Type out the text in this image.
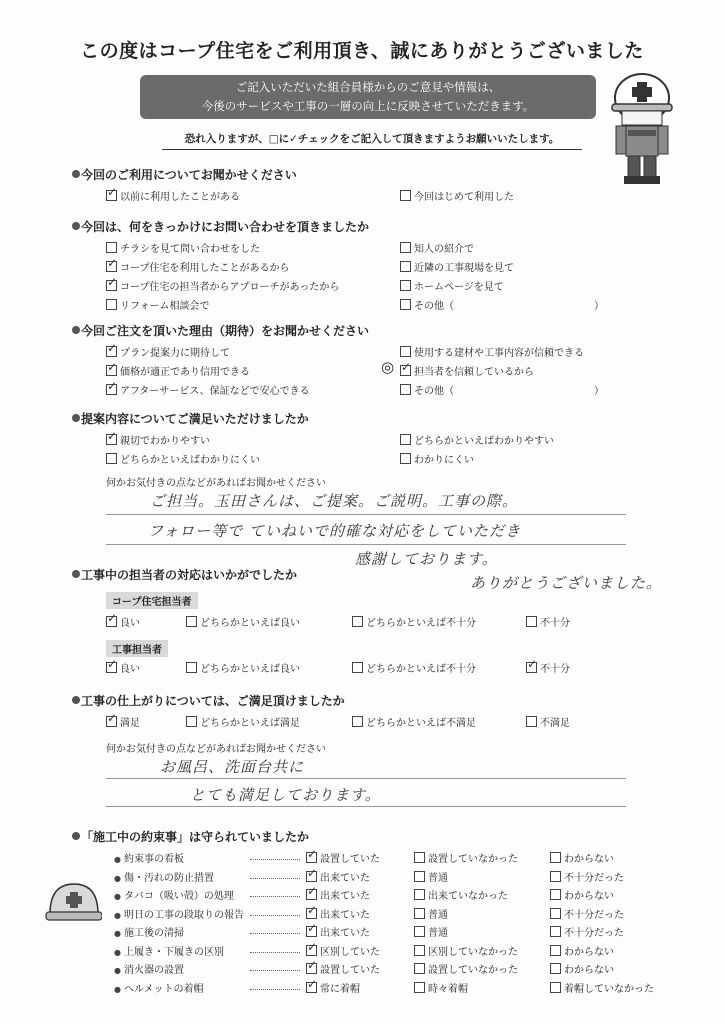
この度はコープ住宅をご利用頂き、誠にありがとうございました
ご記入いただいた組合員様からのご意見や情報は、
今後のサービスや工事の一層の向上に反映させていただきます。
恐れ入りますが、□に✓チェックをご記入して頂きますようお願いいたします。
今回のご利用についてお聞かせください
✓以前に利用したことがある	今回はじめて利用した
今回は、何をきっかけにお問い合わせを頂きましたか
チラシを見て問い合わせをした	知人の紹介で
✓コープ住宅を利用したことがあるから	近隣の工事現場を見て
✓コープ住宅の担当者からアプローチがあったから	ホームページを見て
リフォーム相談会で	その他（　　　　　　　　　　　　　　）
今回ご注文を頂いた理由（期待）をお聞かせください
✓プラン提案力に期待して	使用する建材や工事内容が信頼できる
✓価格が適正であり信用できる	◎ ✓	担当者を信頼しているから
✓アフターサービス、保証などで安心できる	その他（　　　　　　　　　　　　　　）
提案内容についてご満足いただけましたか
✓親切でわかりやすい	どちらかといえばわかりやすい
どちらかといえばわかりにくい	わかりにくい
何かお気付きの点などがあればお聞かせください
ご担当。玉田さんは、ご提案。ご説明。工事の際。
フォロー等で ていねいで的確な対応をしていただき
感謝しております。
ありがとうございました。
工事中の担当者の対応はいかがでしたか
コープ住宅担当者
✓良い	どちらかといえば良い	どちらかといえば不十分	不十分
工事担当者
✓良い	どちらかといえば良い	どちらかといえば不十分 ✓	不十分
工事の仕上がりについては、ご満足頂けましたか
✓満足	どちらかといえば満足	どちらかといえば不満足	不満足
何かお気付きの点などがあればお聞かせください
お風呂、洗面台共に
とても満足しております。
「施工中の約束事」は守られていましたか
● 約束事の看板 ✓	設置していた	設置していなかった	わからない
● 傷・汚れの防止措置 ✓	出来ていた	普通	不十分だった
● タバコ（吸い殻）の処理 ✓	出来ていた	出来ていなかった	わからない
● 明日の工事の段取りの報告 ✓	出来ていた	普通	不十分だった
● 施工後の清掃 ✓	出来ていた	普通	不十分だった
● 上履き・下履きの区別 ✓	区別していた	区別していなかった	わからない
● 消火器の設置 ✓	設置していた	設置していなかった	わからない
● ヘルメットの着帽 ✓	常に着帽	時々着帽	着帽していなかった
